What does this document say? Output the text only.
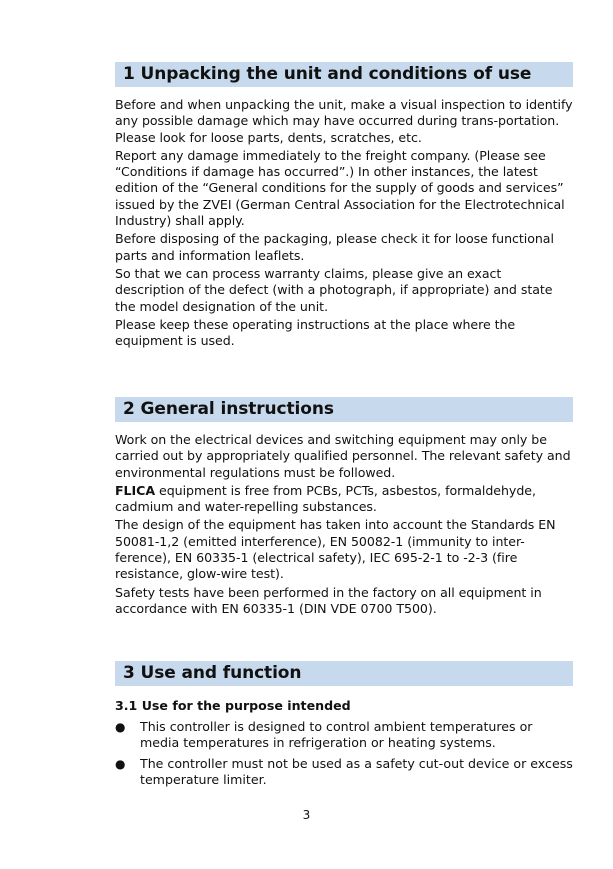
1 Unpacking the unit and conditions of use

Before and when unpacking the unit, make a visual inspection to identify any possible damage which may have occurred during trans-portation. Please look for loose parts, dents, scratches, etc.

Report any damage immediately to the freight company. (Please see “Conditions if damage has occurred”.) In other instances, the latest edition of the “General conditions for the supply of goods and services” issued by the ZVEI (German Central Association for the Electrotechnical Industry) shall apply.

Before disposing of the packaging, please check it for loose functional parts and information leaflets.

So that we can process warranty claims, please give an exact description of the defect (with a photograph, if appropriate) and state the model designation of the unit.

Please keep these operating instructions at the place where the equipment is used.

2 General instructions

Work on the electrical devices and switching equipment may only be carried out by appropriately qualified personnel. The relevant safety and environmental regulations must be followed.

FLICA equipment is free from PCBs, PCTs, asbestos, formaldehyde, cadmium and water-repelling substances.

The design of the equipment has taken into account the Standards EN 50081-1,2 (emitted interference), EN 50082-1 (immunity to inter-ference), EN 60335-1 (electrical safety), IEC 695-2-1 to -2-3 (fire resistance, glow-wire test).

Safety tests have been performed in the factory on all equipment in accordance with EN 60335-1 (DIN VDE 0700 T500).

3 Use and function

3.1 Use for the purpose intended

● This controller is designed to control ambient temperatures or media temperatures in refrigeration or heating systems.
● The controller must not be used as a safety cut-out device or excess temperature limiter.
3
